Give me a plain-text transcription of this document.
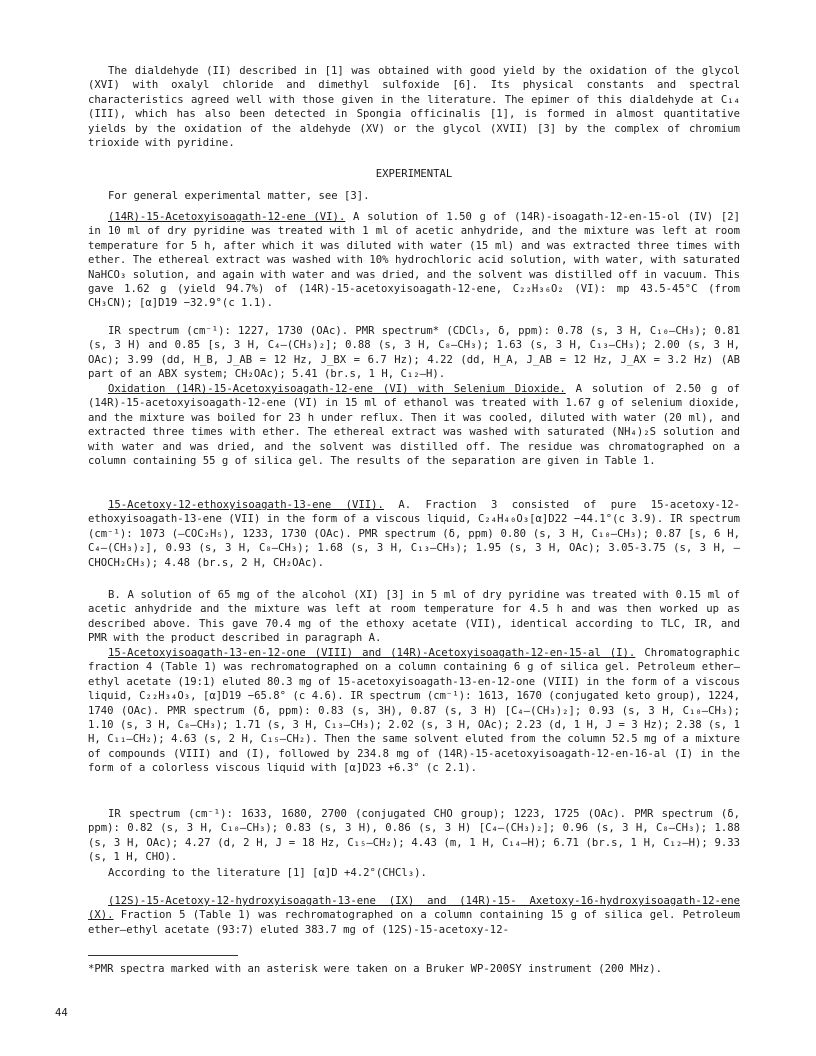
The dialdehyde (II) described in [1] was obtained with good yield by the oxidation of the glycol (XVI) with oxalyl chloride and dimethyl sulfoxide [6]. Its physical constants and spectral characteristics agreed well with those given in the literature. The epimer of this dialdehyde at C₁₄ (III), which has also been detected in Spongia officinalis [1], is formed in almost quantitative yields by the oxidation of the aldehyde (XV) or the glycol (XVII) [3] by the complex of chromium trioxide with pyridine.

EXPERIMENTAL

For general experimental matter, see [3].

(14R)-15-Acetoxyisoagath-12-ene (VI). A solution of 1.50 g of (14R)-isoagath-12-en-15-ol (IV) [2] in 10 ml of dry pyridine was treated with 1 ml of acetic anhydride, and the mixture was left at room temperature for 5 h, after which it was diluted with water (15 ml) and was extracted three times with ether. The ethereal extract was washed with 10% hydrochloric acid solution, with water, with saturated NaHCO₃ solution, and again with water and was dried, and the solvent was distilled off in vacuum. This gave 1.62 g (yield 94.7%) of (14R)-15-acetoxyisoagath-12-ene, C₂₂H₃₆O₂ (VI): mp 43.5-45°C (from CH₃CN); [α]D19 −32.9°(c 1.1).

IR spectrum (cm⁻¹): 1227, 1730 (OAc). PMR spectrum* (CDCl₃, δ, ppm): 0.78 (s, 3 H, C₁₀–CH₃); 0.81 (s, 3 H) and 0.85 [s, 3 H, C₄–(CH₃)₂]; 0.88 (s, 3 H, C₈–CH₃); 1.63 (s, 3 H, C₁₃–CH₃); 2.00 (s, 3 H, OAc); 3.99 (dd, H_B, J_AB = 12 Hz, J_BX = 6.7 Hz); 4.22 (dd, H_A, J_AB = 12 Hz, J_AX = 3.2 Hz) (AB part of an ABX system; CH₂OAc); 5.41 (br.s, 1 H, C₁₂–H).

Oxidation (14R)-15-Acetoxyisoagath-12-ene (VI) with Selenium Dioxide. A solution of 2.50 g of (14R)-15-acetoxyisoagath-12-ene (VI) in 15 ml of ethanol was treated with 1.67 g of selenium dioxide, and the mixture was boiled for 23 h under reflux. Then it was cooled, diluted with water (20 ml), and extracted three times with ether. The ethereal extract was washed with saturated (NH₄)₂S solution and with water and was dried, and the solvent was distilled off. The residue was chromatographed on a column containing 55 g of silica gel. The results of the separation are given in Table 1.

15-Acetoxy-12-ethoxyisoagath-13-ene (VII). A. Fraction 3 consisted of pure 15-acetoxy-12-ethoxyisoagath-13-ene (VII) in the form of a viscous liquid, C₂₄H₄₀O₃[α]D22 −44.1°(c 3.9). IR spectrum (cm⁻¹): 1073 (–COC₂H₅), 1233, 1730 (OAc). PMR spectrum (δ, ppm) 0.80 (s, 3 H, C₁₀–CH₃); 0.87 [s, 6 H, C₄–(CH₃)₂], 0.93 (s, 3 H, C₈–CH₃); 1.68 (s, 3 H, C₁₃–CH₃); 1.95 (s, 3 H, OAc); 3.05-3.75 (s, 3 H, –CHOCH₂CH₃); 4.48 (br.s, 2 H, CH₂OAc).

B. A solution of 65 mg of the alcohol (XI) [3] in 5 ml of dry pyridine was treated with 0.15 ml of acetic anhydride and the mixture was left at room temperature for 4.5 h and was then worked up as described above. This gave 70.4 mg of the ethoxy acetate (VII), identical according to TLC, IR, and PMR with the product described in paragraph A.

15-Acetoxyisoagath-13-en-12-one (VIII) and (14R)-Acetoxyisoagath-12-en-15-al (I). Chromatographic fraction 4 (Table 1) was rechromatographed on a column containing 6 g of silica gel. Petroleum ether–ethyl acetate (19:1) eluted 80.3 mg of 15-acetoxyisoagath-13-en-12-one (VIII) in the form of a viscous liquid, C₂₂H₃₄O₃, [α]D19 −65.8° (c 4.6). IR spectrum (cm⁻¹): 1613, 1670 (conjugated keto group), 1224, 1740 (OAc). PMR spectrum (δ, ppm): 0.83 (s, 3H), 0.87 (s, 3 H) [C₄–(CH₃)₂]; 0.93 (s, 3 H, C₁₀–CH₃); 1.10 (s, 3 H, C₈–CH₃); 1.71 (s, 3 H, C₁₃–CH₃); 2.02 (s, 3 H, OAc); 2.23 (d, 1 H, J = 3 Hz); 2.38 (s, 1 H, C₁₁–CH₂); 4.63 (s, 2 H, C₁₅–CH₂). Then the same solvent eluted from the column 52.5 mg of a mixture of compounds (VIII) and (I), followed by 234.8 mg of (14R)-15-acetoxyisoagath-12-en-16-al (I) in the form of a colorless viscous liquid with [α]D23 +6.3° (c 2.1).

IR spectrum (cm⁻¹): 1633, 1680, 2700 (conjugated CHO group); 1223, 1725 (OAc). PMR spectrum (δ, ppm): 0.82 (s, 3 H, C₁₀–CH₃); 0.83 (s, 3 H), 0.86 (s, 3 H) [C₄–(CH₃)₂]; 0.96 (s, 3 H, C₈–CH₃); 1.88 (s, 3 H, OAc); 4.27 (d, 2 H, J = 18 Hz, C₁₅–CH₂); 4.43 (m, 1 H, C₁₄–H); 6.71 (br.s, 1 H, C₁₂–H); 9.33 (s, 1 H, CHO).

According to the literature [1] [α]D +4.2°(CHCl₃).

(12S)-15-Acetoxy-12-hydroxyisoagath-13-ene (IX) and (14R)-15- Axetoxy-16-hydroxyisoagath-12-ene (X). Fraction 5 (Table 1) was rechromatographed on a column containing 15 g of silica gel. Petroleum ether–ethyl acetate (93:7) eluted 383.7 mg of (12S)-15-acetoxy-12-

*PMR spectra marked with an asterisk were taken on a Bruker WP-200SY instrument (200 MHz).
44
